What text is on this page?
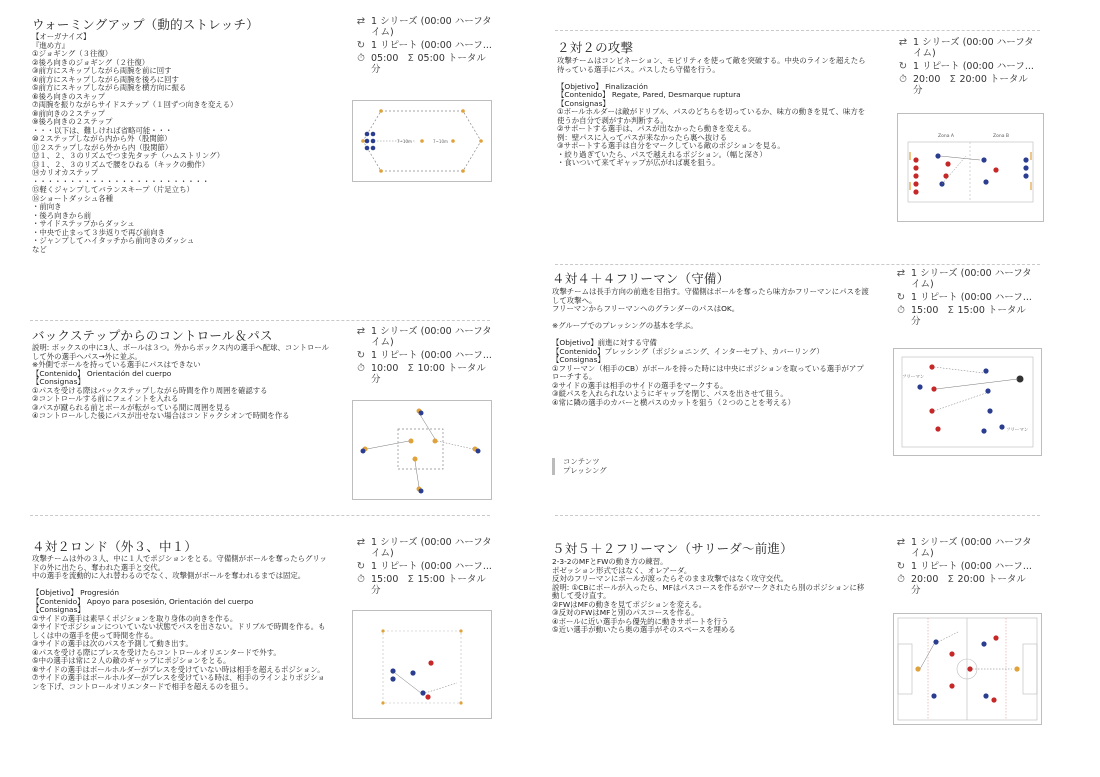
ウォーミングアップ（動的ストレッチ）
【オーガナイズ】
『進め方』
①ジョギング（３往復）
②後ろ向きのジョギング（２往復）
③前方にスキップしながら両腕を前に回す
④前方にスキップしながら両腕を後ろに回す
⑤前方にスキップしながら両腕を横方向に振る
⑥後ろ向きのスキップ
⑦両腕を振りながらサイドステップ（１回ずつ向きを変える）
⑧前向きの２ステップ
⑨後ろ向きの２ステップ
・・・以下は、難しければ省略可能・・・
⑩２ステップしながら内から外（股関節）
⑪２ステップしながら外から内（股関節）
⑫１、２、３のリズムでつま先タッチ（ハムストリング）
⑬１、２、３のリズムで腰をひねる（キックの動作）
⑭カリオカステップ
・・・・・・・・・・・・・・・・・・・・・・・・
⑮軽くジャンプしてバランスキープ（片足立ち）
⑯ショートダッシュ各種
・前向き
・後ろ向きから前
・サイドステップからダッシュ
・中央で止まって３歩返りで再び前向き
・ジャンプしてハイタッチから前向きのダッシュ
など
⇄ 1 シリーズ (00:00 ハーフタイム)
↻ 1 リピート (00:00 ハーフ...
⏱ 05:00 分
Σ 05:00 トータル
7~10m	7~10m
バックステップからのコントロール＆パス
説明: ボックスの中に3人、ボールは３つ。外からボックス内の選手へ配球、コントロールして外の選手へパス→外に並ぶ。
※外側でボールを持っている選手にパスはできない
【Contenido】 Orientación del cuerpo
【Consignas】
①パスを受ける際はバックステップしながら時間を作り周囲を確認する
②コントロールする前にフェイントを入れる
③パスが蹴られる前とボールが転がっている間に周囲を見る
④コントロールした後にパスが出せない場合はコンドゥクシオンで時間を作る
⇄ 1 シリーズ (00:00 ハーフタイム)
↻ 1 リピート (00:00 ハーフ...
⏱ 10:00 分
Σ 10:00 トータル
４対２ロンド（外３、中１）
攻撃チームは外の３人、中に１人でポジションをとる。守備側がボールを奪ったらグリッドの外に出たら、奪われた選手と交代。
中の選手を流動的に入れ替わるのでなく、攻撃側がボールを奪われるまでは固定。

【Objetivo】 Progresión
【Contenido】 Apoyo para posesión, Orientación del cuerpo
【Consignas】
①サイドの選手は素早くポジションを取り身体の向きを作る。
②サイドでポジションについていない状態でパスを出さない。ドリブルで時間を作る。もしくは中の選手を使って時間を作る。
③サイドの選手は次のパスを予測して動き出す。
④パスを受ける際にプレスを受けたらコントロールオリエンタードで外す。
⑤中の選手は常に２人の敵のギャップにポジションをとる。
⑥サイドの選手はボールホルダーがプレスを受けていない時は相手を超えるポジション。
⑦サイドの選手はボールホルダーがプレスを受けている時は、相手のラインよりポジションを下げ、コントロールオリエンタードで相手を超えるのを狙う。
⇄ 1 シリーズ (00:00 ハーフタイム)
↻ 1 リピート (00:00 ハーフ...
⏱ 15:00 分
Σ 15:00 トータル
２対２の攻撃
攻撃チームはコンビネーション、モビリティを使って敵を突破する。中央のラインを超えたら待っている選手にパス。パスしたら守備を行う。

【Objetivo】 Finalización
【Contenido】 Regate, Pared, Desmarque ruptura
【Consignas】
①ボールホルダーは敵がドリブル、パスのどちらを切っているか、味方の動きを見て、味方を使うか自分で剥がすか判断する。
②サポートする選手は、パスが出なかったら動きを変える。
例：壁パスに入ってパスが来なかったら裏へ抜ける
③サポートする選手は自分をマークしている敵のポジションを見る。
・絞り過ぎていたら、パスで越えれるポジション。（幅と深さ）
・食いついて来てギャップが広がれば裏を狙う。
⇄ 1 シリーズ (00:00 ハーフタイム)
↻ 1 リピート (00:00 ハーフ...
⏱ 20:00 分
Σ 20:00 トータル
Zona A	Zona B
４対４＋４フリーマン（守備）
攻撃チームは長手方向の前進を目指す。守備側はボールを奪ったら味方かフリーマンにパスを渡して攻撃へ。
フリーマンからフリーマンへのグランダーのパスはOK。

※グループでのプレッシングの基本を学ぶ。

【Objetivo】前進に対する守備
【Contenido】プレッシング（ポジショニング、インターセプト、カバーリング）
【Consignas】
①フリーマン（相手のCB）がボールを持った時には中央にポジションを取っている選手がアプローチする。
②サイドの選手は相手のサイドの選手をマークする。
③縦パスを入れられないようにギャップを閉じ、パスを出させて狙う。
④常に隣の選手のカバーと横パスのカットを狙う（２つのことを考える）
コンテンツ
プレッシング
⇄ 1 シリーズ (00:00 ハーフタイム)
↻ 1 リピート (00:00 ハーフ...
⏱ 15:00 分
Σ 15:00 トータル
フリーマン
フリーマン
５対５＋２フリーマン（サリーダ〜前進）
2-3-2のMFとFWの動き方の練習。
ポゼッション形式ではなく、オレアーダ。
反対のフリーマンにボールが渡ったらそのまま攻撃ではなく攻守交代。
説明: ①CBにボールが入ったら、MFはパスコースを作るがマークされたら別のポジションに移動して受け直す。
②FWはMFの動きを見てポジションを変える。
③反対のFWはMFと別のパスコースを作る。
④ボールに近い選手から優先的に動きサポートを行う
⑤近い選手が動いたら奥の選手がそのスペースを埋める
⇄ 1 シリーズ (00:00 ハーフタイム)
↻ 1 リピート (00:00 ハーフ...
⏱ 20:00 分
Σ 20:00 トータル
